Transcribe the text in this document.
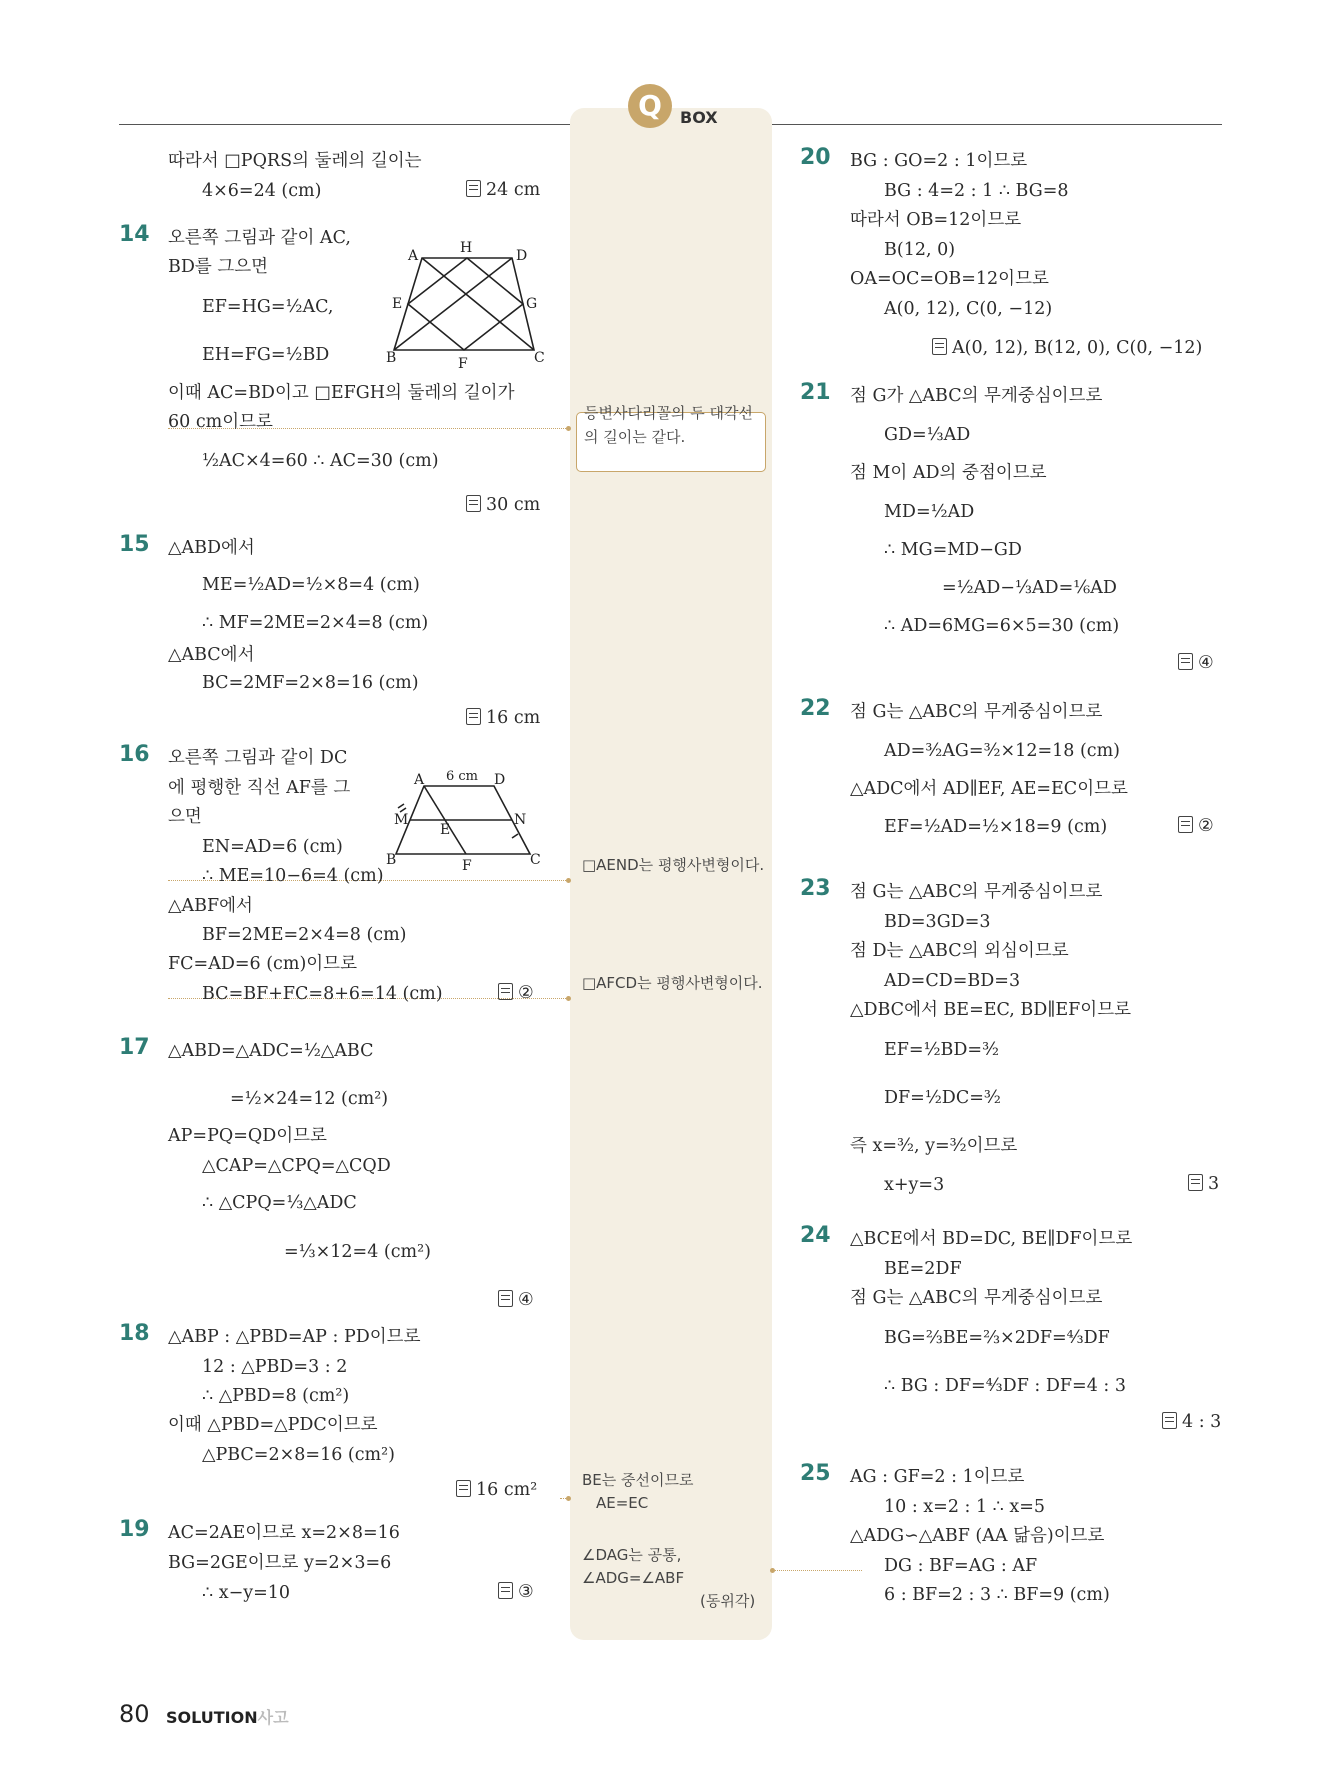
Q	BOX
따라서 □PQRS의 둘레의 길이는
4×6=24 (cm)
오른쪽 그림과 같이 AC,
BD를 그으면
EF=HG=½AC,
EH=FG=½BD
이때 AC=BD이고 □EFGH의 둘레의 길이가
60 cm이므로
½AC×4=60 ∴ AC=30 (cm)
△ABD에서
ME=½AD=½×8=4 (cm)
∴ MF=2ME=2×4=8 (cm)
△ABC에서
BC=2MF=2×8=16 (cm)
오른쪽 그림과 같이 DC
에 평행한 직선 AF를 그
으면
EN=AD=6 (cm)
∴ ME=10−6=4 (cm)
△ABF에서
BF=2ME=2×4=8 (cm)
FC=AD=6 (cm)이므로
BC=BF+FC=8+6=14 (cm)
△ABD=△ADC=½△ABC
=½×24=12 (cm²)
AP=PQ=QD이므로
△CAP=△CPQ=△CQD
∴ △CPQ=⅓△ADC
=⅓×12=4 (cm²)
△ABP : △PBD=AP : PD이므로
12 : △PBD=3 : 2
∴ △PBD=8 (cm²)
이때 △PBD=△PDC이므로
△PBC=2×8=16 (cm²)
AC=2AE이므로 x=2×8=16
BG=2GE이므로 y=2×3=6
∴ x−y=10
BG : GO=2 : 1이므로
BG : 4=2 : 1 ∴ BG=8
따라서 OB=12이므로
B(12, 0)
OA=OC=OB=12이므로
A(0, 12), C(0, −12)
점 G가 △ABC의 무게중심이므로
GD=⅓AD
점 M이 AD의 중점이므로
MD=½AD
∴ MG=MD−GD
=½AD−⅓AD=⅙AD
∴ AD=6MG=6×5=30 (cm)
점 G는 △ABC의 무게중심이므로
AD=³⁄₂AG=³⁄₂×12=18 (cm)
△ADC에서 AD∥EF, AE=EC이므로
EF=½AD=½×18=9 (cm)
점 G는 △ABC의 무게중심이므로
BD=3GD=3
점 D는 △ABC의 외심이므로
AD=CD=BD=3
△DBC에서 BE=EC, BD∥EF이므로
EF=½BD=³⁄₂
DF=½DC=³⁄₂
즉 x=³⁄₂, y=³⁄₂이므로
x+y=3
△BCE에서 BD=DC, BE∥DF이므로
BE=2DF
점 G는 △ABC의 무게중심이므로
BG=⅔BE=⅔×2DF=⁴⁄₃DF
∴ BG : DF=⁴⁄₃DF : DF=4 : 3
AG : GF=2 : 1이므로
10 : x=2 : 1 ∴ x=5
△ADG∽△ABF (AA 닮음)이므로
DG : BF=AG : AF
6 : BF=2 : 3 ∴ BF=9 (cm)
14
15
16
17
18
19
20
21
22
23
24
25
24 cm
30 cm
16 cm
②
④
16 cm²
③
A(0, 12), B(12, 0), C(0, −12)
④
②
3
4 : 3
등변사다리꼴의 두 대각선
의 길이는 같다.
□AEND는 평행사변형이다.
□AFCD는 평행사변형이다.
BE는 중선이므로
AE=EC
∠DAG는 공통,
∠ADG=∠ABF
(동위각)
A	H	D
E	G
B	F	C
A	D
M	N
E
B	F	C
6 cm
80 SOLUTION사고
